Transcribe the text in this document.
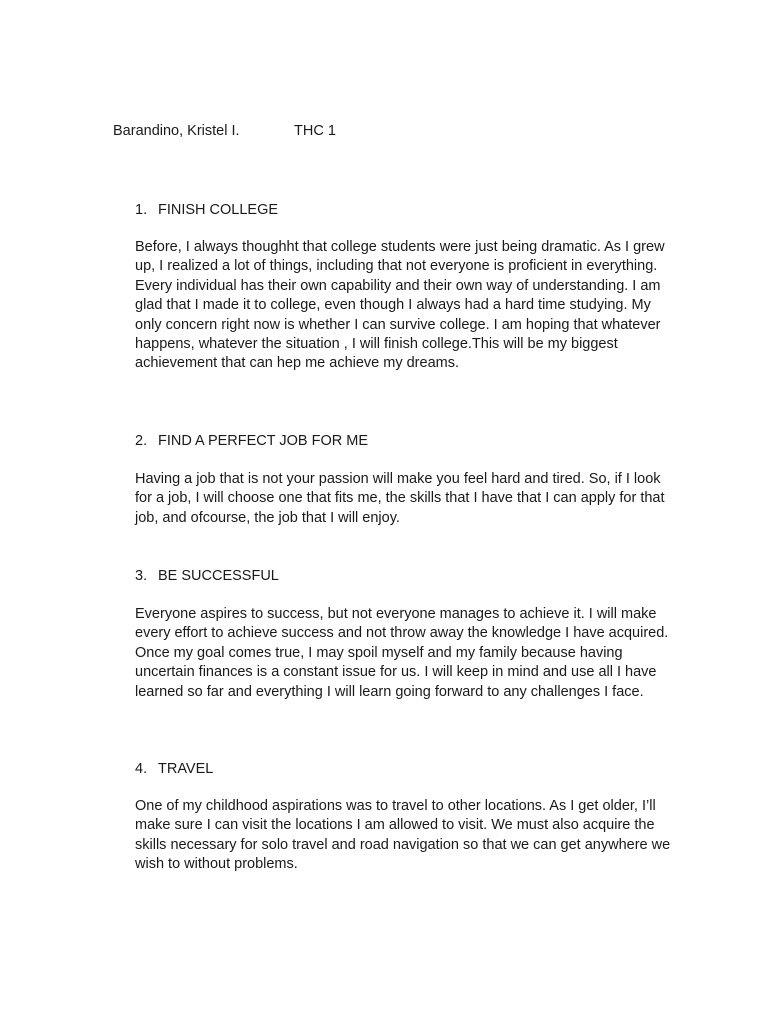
Barandino, Kristel I.	THC 1
1. FINISH COLLEGE

Before, I always thoughht that college students were just being dramatic. As I grew up, I realized a lot of things, including that not everyone is proficient in everything. Every individual has their own capability and their own way of understanding. I am glad that I made it to college, even though I always had a hard time studying. My only concern right now is whether I can survive college. I am hoping that whatever happens, whatever the situation , I will finish college.This will be my biggest achievement that can hep me achieve my dreams.

2. FIND A PERFECT JOB FOR ME

Having a job that is not your passion will make you feel hard and tired. So, if I look for a job, I will choose one that fits me, the skills that I have that I can apply for that job, and ofcourse, the job that I will enjoy.

3. BE SUCCESSFUL

Everyone aspires to success, but not everyone manages to achieve it. I will make every effort to achieve success and not throw away the knowledge I have acquired. Once my goal comes true, I may spoil myself and my family because having uncertain finances is a constant issue for us. I will keep in mind and use all I have learned so far and everything I will learn going forward to any challenges I face.

4. TRAVEL

One of my childhood aspirations was to travel to other locations. As I get older, I’ll make sure I can visit the locations I am allowed to visit. We must also acquire the skills necessary for solo travel and road navigation so that we can get anywhere we wish to without problems.
